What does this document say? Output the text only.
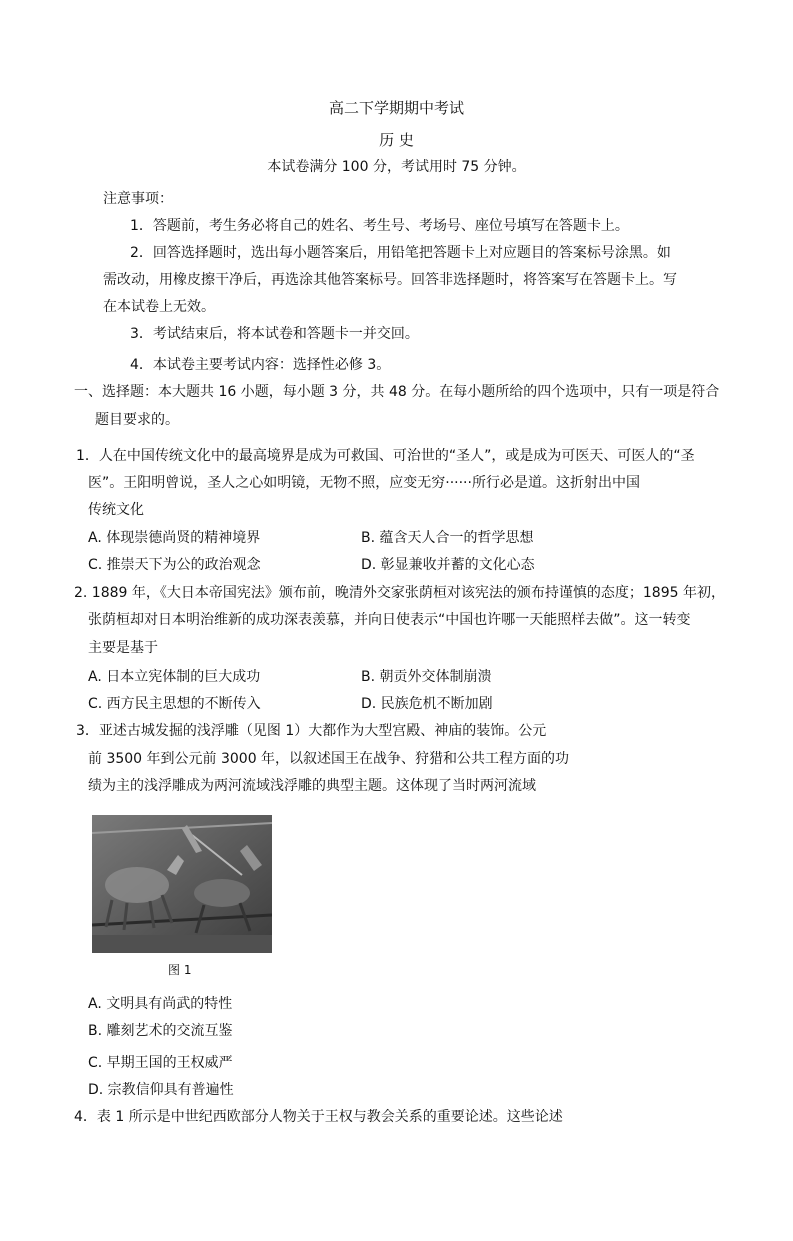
高二下学期期中考试
历 史
本试卷满分 100 分，考试用时 75 分钟。
注意事项：
1．答题前，考生务必将自己的姓名、考生号、考场号、座位号填写在答题卡上。
2．回答选择题时，选出每小题答案后，用铅笔把答题卡上对应题目的答案标号涂黑。如
需改动，用橡皮擦干净后，再选涂其他答案标号。回答非选择题时，将答案写在答题卡上。写
在本试卷上无效。
3．考试结束后，将本试卷和答题卡一并交回。
4．本试卷主要考试内容：选择性必修 3。
一、选择题：本大题共 16 小题，每小题 3 分，共 48 分。在每小题所给的四个选项中，只有一项是符合
题目要求的。
1．人在中国传统文化中的最高境界是成为可救国、可治世的“圣人”，或是成为可医天、可医人的“圣
医”。王阳明曾说，圣人之心如明镜，无物不照，应变无穷······所行必是道。这折射出中国
传统文化
A. 体现崇德尚贤的精神境界	B. 蕴含天人合一的哲学思想
C. 推崇天下为公的政治观念	D. 彰显兼收并蓄的文化心态
2. 1889 年，《大日本帝国宪法》颁布前，晚清外交家张荫桓对该宪法的颁布持谨慎的态度；1895 年初，
张荫桓却对日本明治维新的成功深表羡慕，并向日使表示“中国也许哪一天能照样去做”。这一转变
主要是基于
A. 日本立宪体制的巨大成功	B. 朝贡外交体制崩溃
C. 西方民主思想的不断传入	D. 民族危机不断加剧
3．亚述古城发掘的浅浮雕（见图 1）大都作为大型宫殿、神庙的装饰。公元
前 3500 年到公元前 3000 年，以叙述国王在战争、狩猎和公共工程方面的功
绩为主的浅浮雕成为两河流域浅浮雕的典型主题。这体现了当时两河流域
图 1
A. 文明具有尚武的特性
B. 雕刻艺术的交流互鉴
C. 早期王国的王权威严
D. 宗教信仰具有普遍性
4．表 1 所示是中世纪西欧部分人物关于王权与教会关系的重要论述。这些论述
